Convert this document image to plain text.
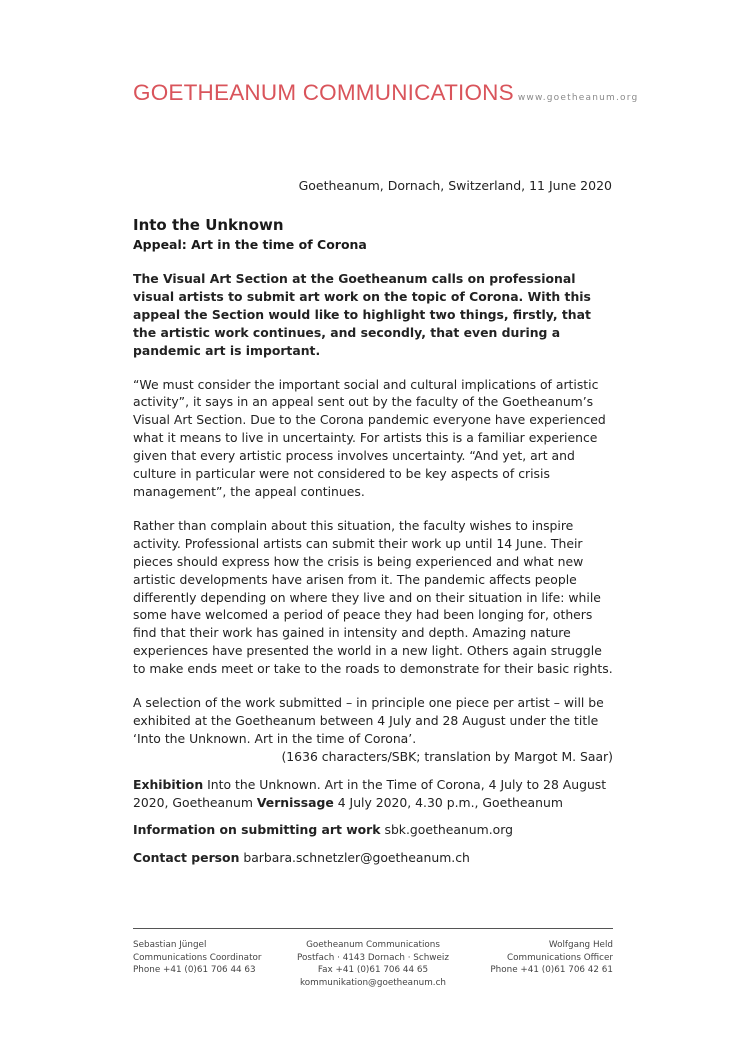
GOETHEANUM COMMUNICATIONS www.goetheanum.org
Goetheanum, Dornach, Switzerland, 11 June 2020
Into the Unknown
Appeal: Art in the time of Corona

The Visual Art Section at the Goetheanum calls on professional visual artists to submit art work on the topic of Corona. With this appeal the Section would like to highlight two things, firstly, that the artistic work continues, and secondly, that even during a pandemic art is important.

“We must consider the important social and cultural implications of artistic activity”, it says in an appeal sent out by the faculty of the Goetheanum’s Visual Art Section. Due to the Corona pandemic everyone have experienced what it means to live in uncertainty. For artists this is a familiar experience given that every artistic process involves uncertainty. “And yet, art and culture in particular were not considered to be key aspects of crisis management”, the appeal continues.

Rather than complain about this situation, the faculty wishes to inspire activity. Professional artists can submit their work up until 14 June. Their pieces should express how the crisis is being experienced and what new artistic developments have arisen from it. The pandemic affects people differently depending on where they live and on their situation in life: while some have welcomed a period of peace they had been longing for, others find that their work has gained in intensity and depth. Amazing nature experiences have presented the world in a new light. Others again struggle to make ends meet or take to the roads to demonstrate for their basic rights.

A selection of the work submitted – in principle one piece per artist – will be exhibited at the Goetheanum between 4 July and 28 August under the title ‘Into the Unknown. Art in the time of Corona’.

(1636 characters/SBK; translation by Margot M. Saar)

Exhibition Into the Unknown. Art in the Time of Corona, 4 July to 28 August 2020, Goetheanum Vernissage 4 July 2020, 4.30 p.m., Goetheanum

Information on submitting art work sbk.goetheanum.org

Contact person barbara.schnetzler@goetheanum.ch

Sebastian Jüngel
Communications Coordinator
Phone +41 (0)61 706 44 63
Goetheanum Communications
Postfach · 4143 Dornach · Schweiz
Fax +41 (0)61 706 44 65
kommunikation@goetheanum.ch
Wolfgang Held
Communications Officer
Phone +41 (0)61 706 42 61
